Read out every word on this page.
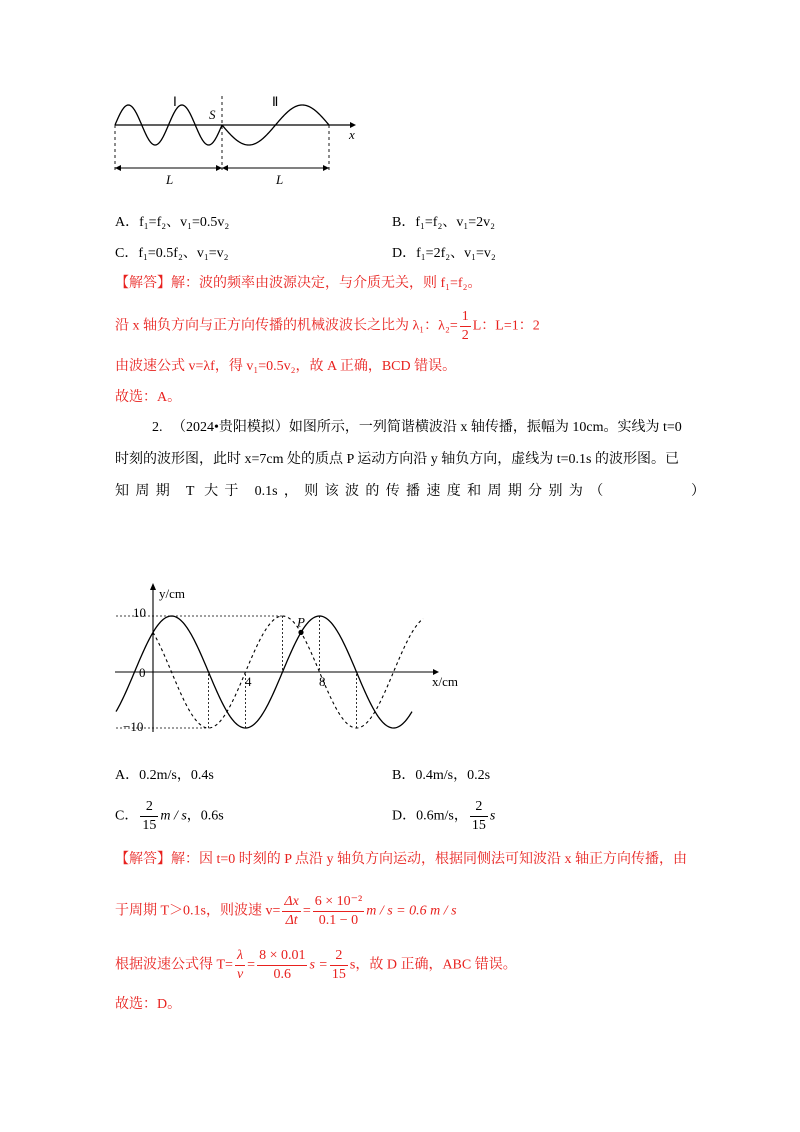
Ⅰ	Ⅱ
S
x
L	L
A．f₁=f₂、v₁=0.5v₂	B．f₁=f₂、v₁=2v₂
C．f₁=0.5f₂、v₁=v₂	D．f₁=2f₂、v₁=v₂
【解答】解：波的频率由波源决定，与介质无关，则 f₁=f₂。
沿 x 轴负方向与正方向传播的机械波波长之比为 λ₁：$\lambda_2= \frac{1}{2}$ L：L=1：2
由波速公式 v=λf，得 v₁=0.5v₂，故 A 正确，BCD 错误。
故选：A。
2. （2024•贵阳模拟）如图所示，一列简谐横波沿 x 轴传播，振幅为 10cm。实线为 t=0
时刻的波形图，此时 x=7cm 处的质点 P 运动方向沿 y 轴负方向，虚线为 t=0.1s 的波形图。已
知周期 T 大于 0.1s，则该波的传播速度和周期分别为（　　　　）
P
y/cm
x/cm
10
0
−10
4	8
A．0.2m/s，0.4s	B．0.4m/s，0.2s
C． $\frac{2}{15}$ m / s，0.6s	D．0.6m/s， $\frac{2}{15}$ s
【解答】解：因 t=0 时刻的 P 点沿 y 轴负方向运动，根据同侧法可知波沿 x 轴正方向传播，由
于周期 T＞0.1s，则波速 $v= \frac{\Delta x}{\Delta t} = \frac{\text{6 × 10⁻²}}{0.1 - 0}$ m / s = 0.6 m / s
根据波速公式得 $T= \frac{\lambda}{v} = \frac{8 \times 0.01}{0.6}$ $s = \frac{2}{15}$ s，故 D 正确，ABC 错误。
故选：D。
